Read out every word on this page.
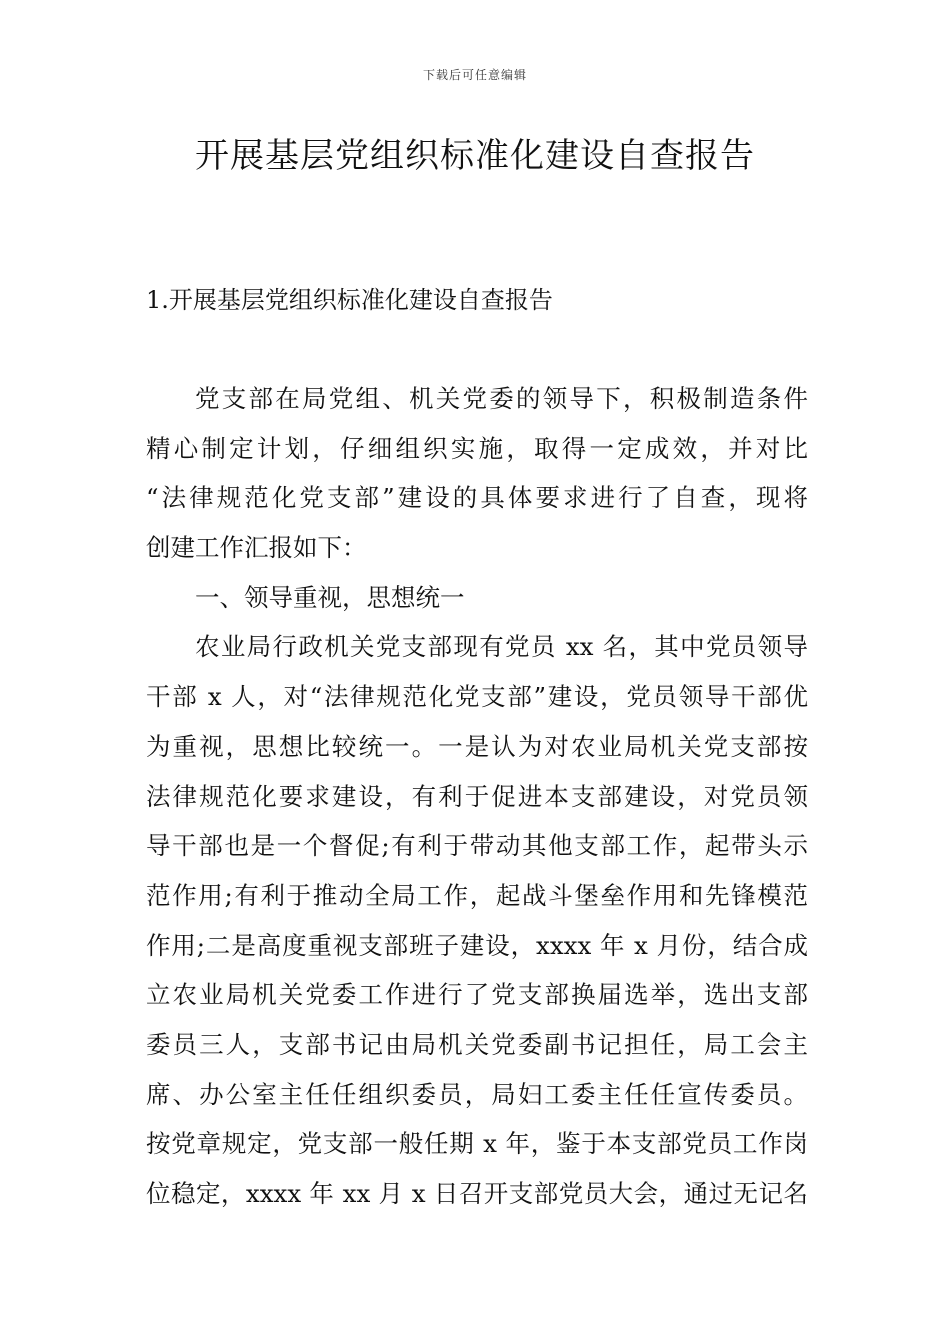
下载后可任意编辑
开展基层党组织标准化建设自查报告
1.开展基层党组织标准化建设自查报告
党支部在局党组、机关党委的领导下，积极制造条件
精心制定计划，仔细组织实施，取得一定成效，并对比
“法律规范化党支部”建设的具体要求进行了自查，现将
创建工作汇报如下：
一、领导重视，思想统一
农业局行政机关党支部现有党员 xx 名，其中党员领导
干部 x 人，对“法律规范化党支部”建设，党员领导干部优
为重视，思想比较统一。一是认为对农业局机关党支部按
法律规范化要求建设，有利于促进本支部建设，对党员领
导干部也是一个督促;有利于带动其他支部工作，起带头示
范作用;有利于推动全局工作，起战斗堡垒作用和先锋模范
作用;二是高度重视支部班子建设，xxxx 年 x 月份，结合成
立农业局机关党委工作进行了党支部换届选举，选出支部
委员三人，支部书记由局机关党委副书记担任，局工会主
席、办公室主任任组织委员，局妇工委主任任宣传委员。
按党章规定，党支部一般任期 x 年，鉴于本支部党员工作岗
位稳定，xxxx 年 xx 月 x 日召开支部党员大会，通过无记名
